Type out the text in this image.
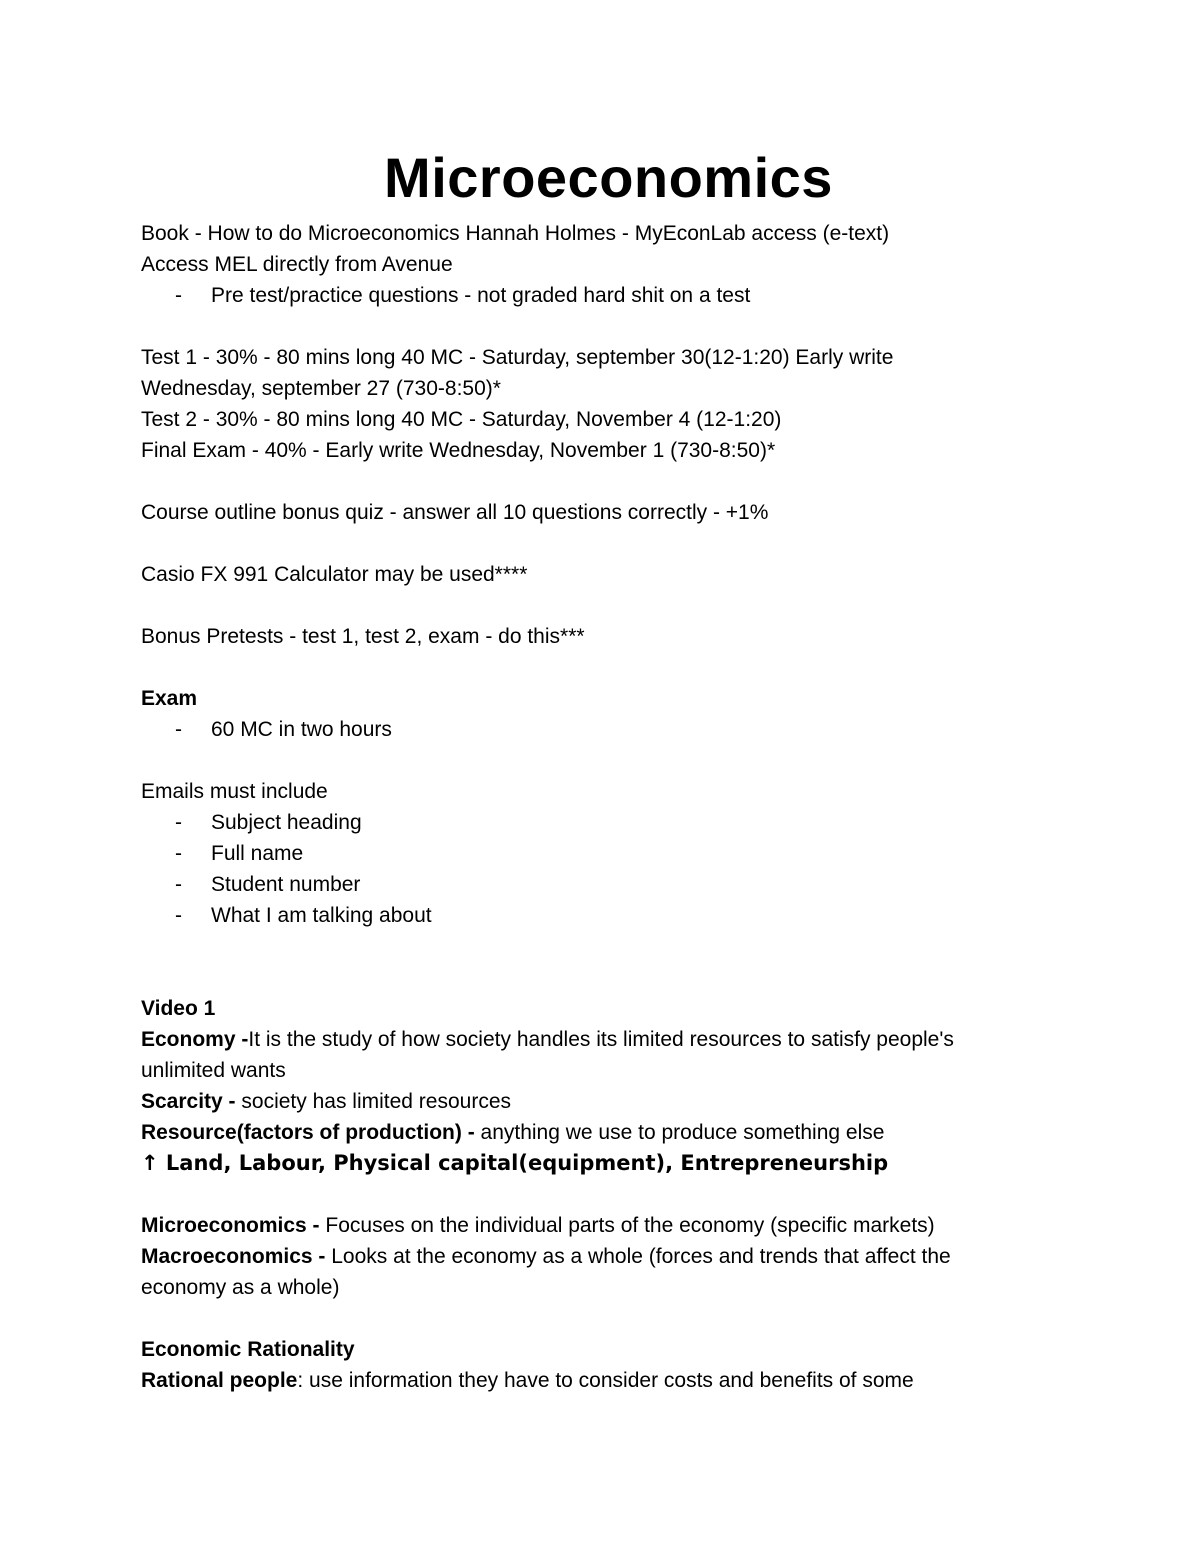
Microeconomics
Book - How to do Microeconomics Hannah Holmes - MyEconLab access (e-text)
Access MEL directly from Avenue
- Pre test/practice questions - not graded hard shit on a test
Test 1 - 30% - 80 mins long 40 MC - Saturday, september 30(12-1:20) Early write
Wednesday, september 27 (730-8:50)*
Test 2 - 30% - 80 mins long 40 MC - Saturday, November 4 (12-1:20)
Final Exam - 40% - Early write Wednesday, November 1 (730-8:50)*
Course outline bonus quiz - answer all 10 questions correctly - +1%
Casio FX 991 Calculator may be used****
Bonus Pretests - test 1, test 2, exam - do this***
Exam
- 60 MC in two hours
Emails must include
- Subject heading
- Full name
- Student number
- What I am talking about
Video 1
Economy -It is the study of how society handles its limited resources to satisfy people's
unlimited wants
Scarcity - society has limited resources
Resource(factors of production) - anything we use to produce something else
↑ Land, Labour, Physical capital(equipment), Entrepreneurship
Microeconomics - Focuses on the individual parts of the economy (specific markets)
Macroeconomics - Looks at the economy as a whole (forces and trends that affect the
economy as a whole)
Economic Rationality
Rational people: use information they have to consider costs and benefits of some
